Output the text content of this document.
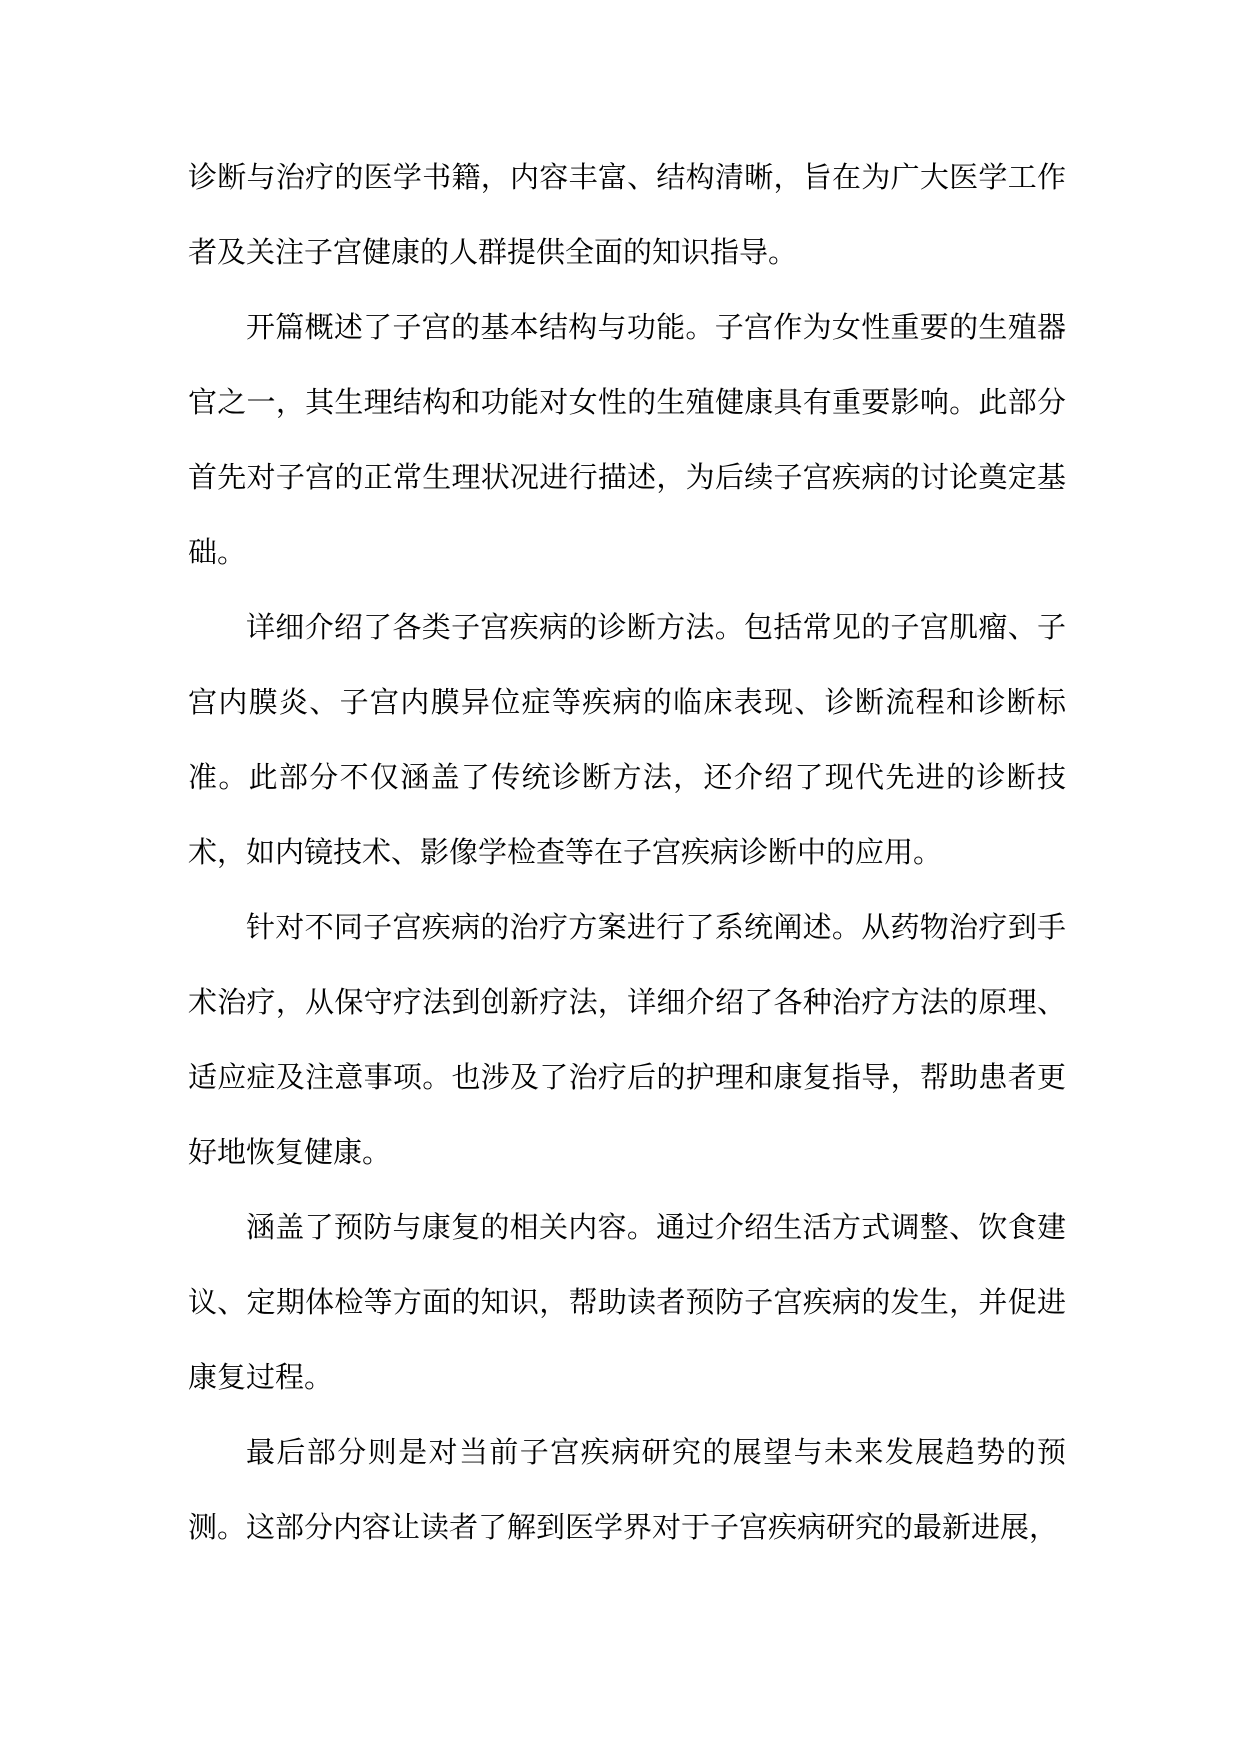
诊断与治疗的医学书籍，内容丰富、结构清晰，旨在为广大医学工作者及关注子宫健康的人群提供全面的知识指导。

开篇概述了子宫的基本结构与功能。子宫作为女性重要的生殖器官之一，其生理结构和功能对女性的生殖健康具有重要影响。此部分首先对子宫的正常生理状况进行描述，为后续子宫疾病的讨论奠定基础。

详细介绍了各类子宫疾病的诊断方法。包括常见的子宫肌瘤、子宫内膜炎、子宫内膜异位症等疾病的临床表现、诊断流程和诊断标准。此部分不仅涵盖了传统诊断方法，还介绍了现代先进的诊断技术，如内镜技术、影像学检查等在子宫疾病诊断中的应用。

针对不同子宫疾病的治疗方案进行了系统阐述。从药物治疗到手术治疗，从保守疗法到创新疗法，详细介绍了各种治疗方法的原理、适应症及注意事项。也涉及了治疗后的护理和康复指导，帮助患者更好地恢复健康。

涵盖了预防与康复的相关内容。通过介绍生活方式调整、饮食建议、定期体检等方面的知识，帮助读者预防子宫疾病的发生，并促进康复过程。

最后部分则是对当前子宫疾病研究的展望与未来发展趋势的预测。这部分内容让读者了解到医学界对于子宫疾病研究的最新进展，
